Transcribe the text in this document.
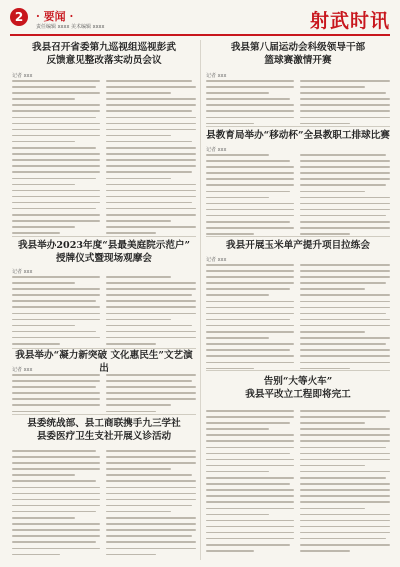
2	· 要闻 ·
责任编辑 xxxx 美术编辑 xxxx	射武时讯
我县召开省委第九巡视组巡视彭武
反馈意见整改落实动员会议
记者 xxx
我县举办2023年度“县最美庭院示范户”
授牌仪式暨现场观摩会
记者 xxx
我县举办“凝力新突破 文化惠民生”文艺演出
记者 xxx
县委统战部、县工商联携手九三学社
县委医疗卫生支社开展义诊活动
我县第八届运动会科级领导干部
篮球赛激情开赛
记者 xxx
县教育局举办“移动杯”全县教职工排球比赛
记者 xxx
我县开展玉米单产提升项目拉练会
记者 xxx
告别“大等火车”
我县平改立工程即将完工
